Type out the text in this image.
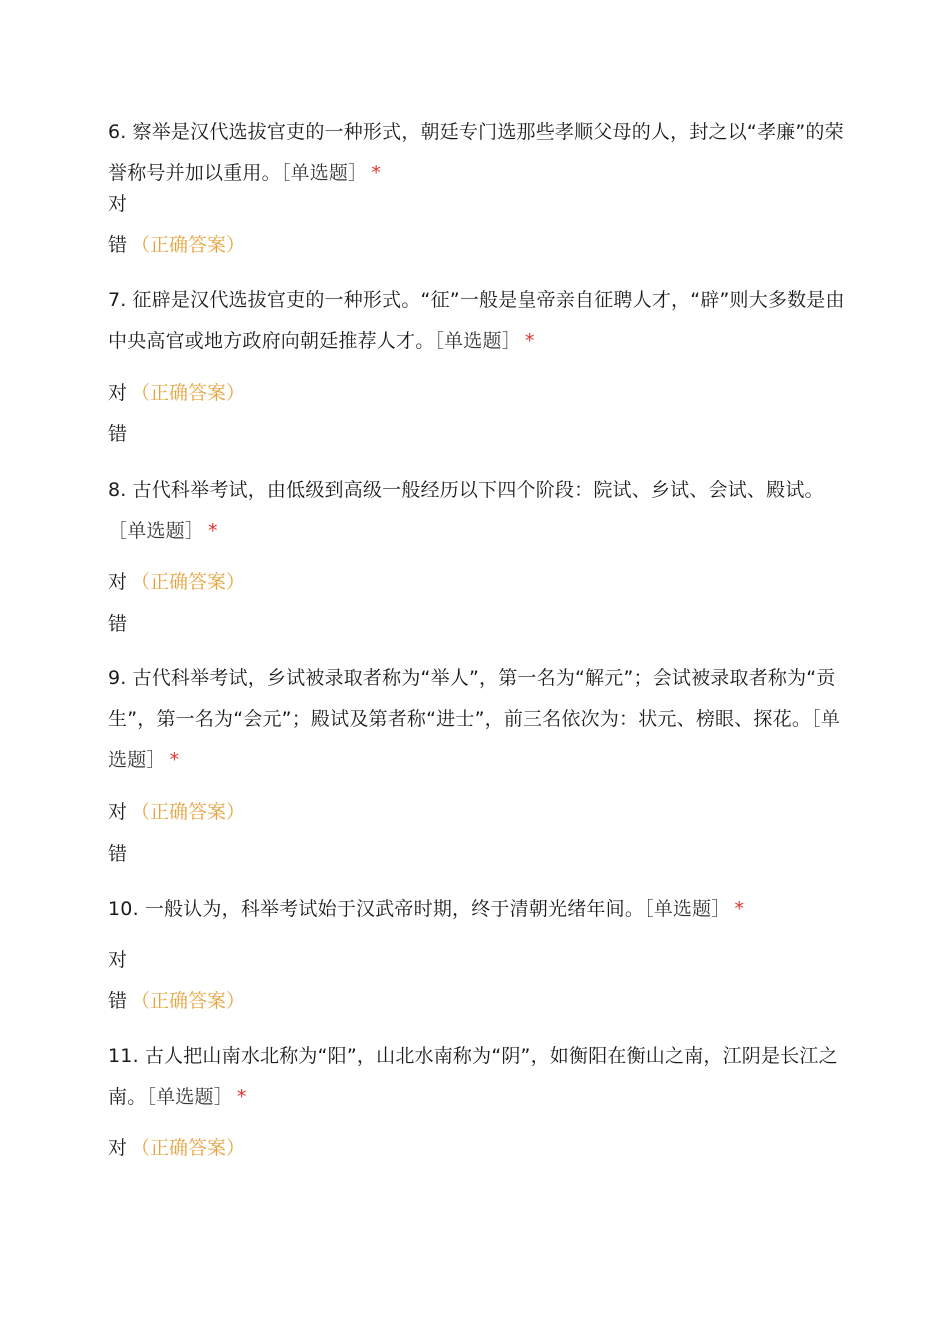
6. 察举是汉代选拔官吏的一种形式，朝廷专门选那些孝顺父母的人，封之以“孝廉”的荣誉称号并加以重用。［单选题］ *

对
错 （正确答案）

7. 征辟是汉代选拔官吏的一种形式。“征”一般是皇帝亲自征聘人才，“辟”则大多数是由中央高官或地方政府向朝廷推荐人才。［单选题］ *

对 （正确答案）
错

8. 古代科举考试，由低级到高级一般经历以下四个阶段：院试、乡试、会试、殿试。［单选题］ *

对 （正确答案）
错

9. 古代科举考试，乡试被录取者称为“举人”，第一名为“解元”；会试被录取者称为“贡生”，第一名为“会元”；殿试及第者称“进士”，前三名依次为：状元、榜眼、探花。［单选题］ *

对 （正确答案）
错

10. 一般认为，科举考试始于汉武帝时期，终于清朝光绪年间。［单选题］ *

对
错 （正确答案）

11. 古人把山南水北称为“阳”，山北水南称为“阴”，如衡阳在衡山之南，江阴是长江之南。［单选题］ *

对 （正确答案）
